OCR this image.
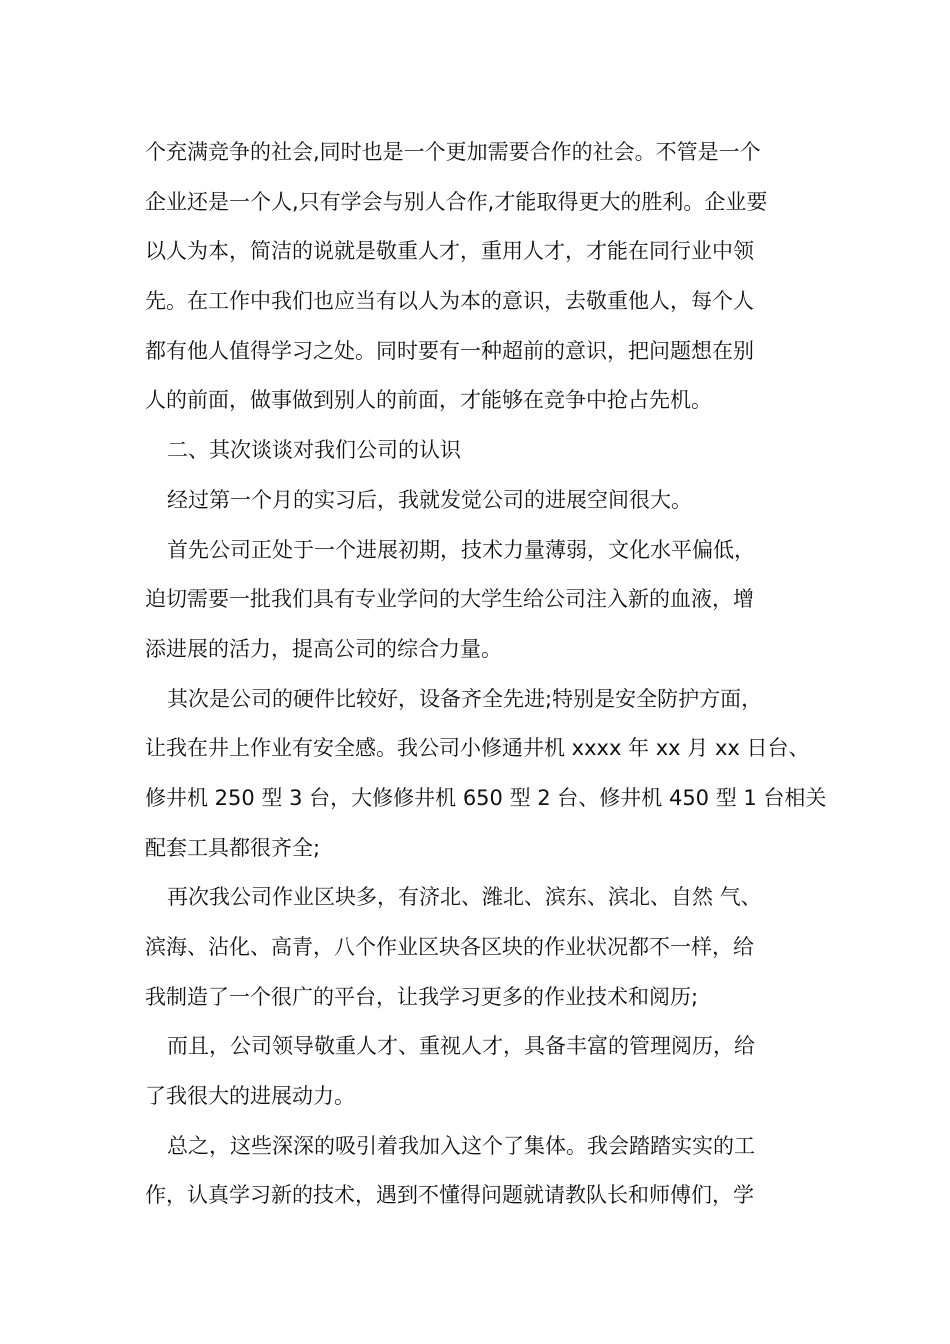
个充满竞争的社会,同时也是一个更加需要合作的社会。不管是一个
企业还是一个人,只有学会与别人合作,才能取得更大的胜利。企业要
以人为本，简洁的说就是敬重人才，重用人才，才能在同行业中领
先。在工作中我们也应当有以人为本的意识，去敬重他人，每个人
都有他人值得学习之处。同时要有一种超前的意识，把问题想在别
人的前面，做事做到别人的前面，才能够在竞争中抢占先机。
二、其次谈谈对我们公司的认识
经过第一个月的实习后，我就发觉公司的进展空间很大。
首先公司正处于一个进展初期，技术力量薄弱，文化水平偏低，
迫切需要一批我们具有专业学问的大学生给公司注入新的血液，增
添进展的活力，提高公司的综合力量。
其次是公司的硬件比较好，设备齐全先进;特别是安全防护方面，
让我在井上作业有安全感。我公司小修通井机 xxxx 年 xx 月 xx 日台、
修井机 250 型 3 台，大修修井机 650 型 2 台、修井机 450 型 1 台相关
配套工具都很齐全;
再次我公司作业区块多，有济北、潍北、滨东、滨北、自然 气、
滨海、沾化、高青，八个作业区块各区块的作业状况都不一样，给
我制造了一个很广的平台，让我学习更多的作业技术和阅历;
而且，公司领导敬重人才、重视人才，具备丰富的管理阅历，给
了我很大的进展动力。
总之，这些深深的吸引着我加入这个了集体。我会踏踏实实的工
作，认真学习新的技术，遇到不懂得问题就请教队长和师傅们，学
